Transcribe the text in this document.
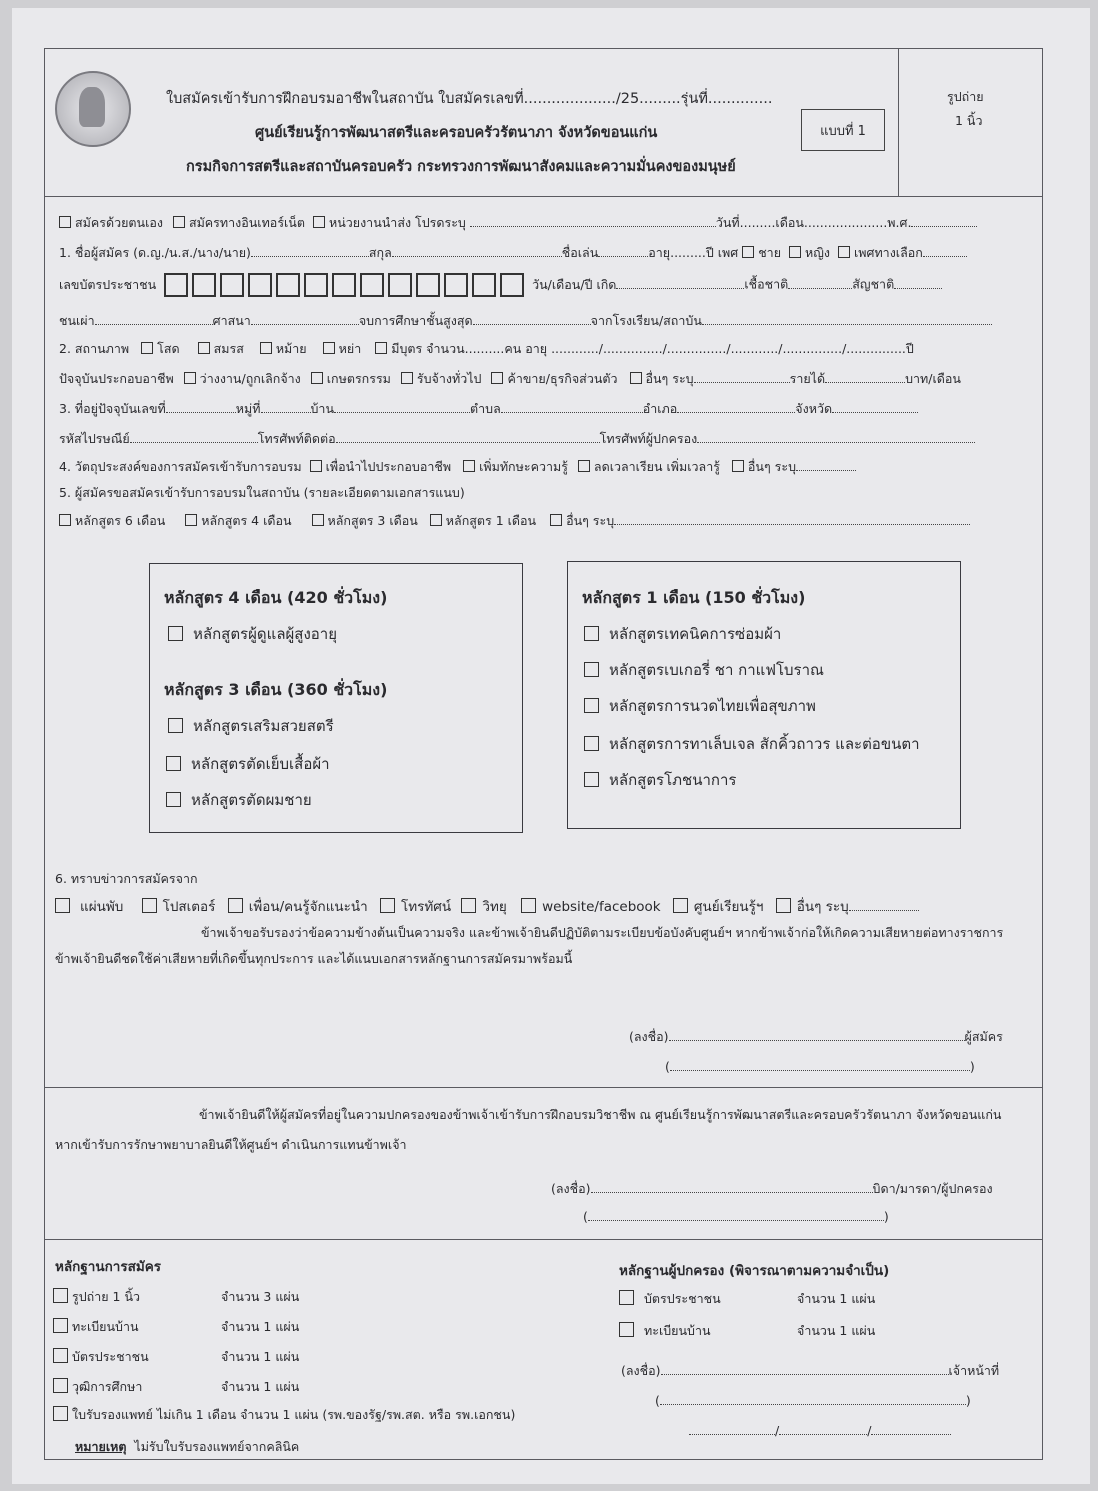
ใบสมัครเข้ารับการฝึกอบรมอาชีพในสถาบัน ใบสมัครเลขที่..................../25.........รุ่นที่..............
ศูนย์เรียนรู้การพัฒนาสตรีและครอบครัวรัตนาภา จังหวัดขอนแก่น
กรมกิจการสตรีและสถาบันครอบครัว กระทรวงการพัฒนาสังคมและความมั่นคงของมนุษย์
แบบที่ 1
รูปถ่าย
1 นิ้ว
สมัครด้วยตนเอง สมัครทางอินเทอร์เน็ต หน่วยงานนำส่ง โปรดระบุ	วันที่.........เดือน.....................พ.ศ.
1. ชื่อผู้สมัคร (ด.ญ./น.ส./นาง/นาย)	สกุล	ชื่อเล่น	อายุ.........ปี เพศ ชาย หญิง เพศทางเลือก
เลขบัตรประชาชน	วัน/เดือน/ปี เกิด	เชื้อชาติ	สัญชาติ
ชนเผ่า	ศาสนา	จบการศึกษาชั้นสูงสุด	จากโรงเรียน/สถาบัน
2. สถานภาพ โสด	สมรส	หม้าย	หย่า มีบุตร จำนวน..........คน อายุ ............/.............../.............../............/.............../...............ปี
ปัจจุบันประกอบอาชีพ ว่างงาน/ถูกเลิกจ้าง เกษตรกรรม รับจ้างทั่วไป ค้าขาย/ธุรกิจส่วนตัว อื่นๆ ระบุ	รายได้	บาท/เดือน
3. ที่อยู่ปัจจุบันเลขที่	หมู่ที่	บ้าน	ตำบล	อำเภอ	จังหวัด
รหัสไปรษณีย์	โทรศัพท์ติดต่อ	โทรศัพท์ผู้ปกครอง
4. วัตถุประสงค์ของการสมัครเข้ารับการอบรม เพื่อนำไปประกอบอาชีพ เพิ่มทักษะความรู้ ลดเวลาเรียน เพิ่มเวลารู้ อื่นๆ ระบุ
5. ผู้สมัครขอสมัครเข้ารับการอบรมในสถาบัน (รายละเอียดตามเอกสารแนบ)
หลักสูตร 6 เดือน	หลักสูตร 4 เดือน	หลักสูตร 3 เดือน หลักสูตร 1 เดือน อื่นๆ ระบุ
หลักสูตร 4 เดือน (420 ชั่วโมง)
หลักสูตรผู้ดูแลผู้สูงอายุ
หลักสูตร 3 เดือน (360 ชั่วโมง)
หลักสูตรเสริมสวยสตรี
หลักสูตรตัดเย็บเสื้อผ้า
หลักสูตรตัดผมชาย
หลักสูตร 1 เดือน (150 ชั่วโมง)
หลักสูตรเทคนิคการซ่อมผ้า
หลักสูตรเบเกอรี่ ชา กาแฟโบราณ
หลักสูตรการนวดไทยเพื่อสุขภาพ
หลักสูตรการทาเล็บเจล สักคิ้วถาวร และต่อขนตา
หลักสูตรโภชนาการ
6. ทราบข่าวการสมัครจาก
แผ่นพับ	โปสเตอร์ เพื่อน/คนรู้จักแนะนำ โทรทัศน์ วิทยุ	website/facebook ศูนย์เรียนรู้ฯ อื่นๆ ระบุ
ข้าพเจ้าขอรับรองว่าข้อความข้างต้นเป็นความจริง และข้าพเจ้ายินดีปฏิบัติตามระเบียบข้อบังคับศูนย์ฯ หากข้าพเจ้าก่อให้เกิดความเสียหายต่อทางราชการ
ข้าพเจ้ายินดีชดใช้ค่าเสียหายที่เกิดขึ้นทุกประการ และได้แนบเอกสารหลักฐานการสมัครมาพร้อมนี้
(ลงชื่อ)	ผู้สมัคร
(	)
ข้าพเจ้ายินดีให้ผู้สมัครที่อยู่ในความปกครองของข้าพเจ้าเข้ารับการฝึกอบรมวิชาชีพ ณ ศูนย์เรียนรู้การพัฒนาสตรีและครอบครัวรัตนาภา จังหวัดขอนแก่น
หากเข้ารับการรักษาพยาบาลยินดีให้ศูนย์ฯ ดำเนินการแทนข้าพเจ้า
(ลงชื่อ)	บิดา/มารดา/ผู้ปกครอง
(	)
หลักฐานการสมัคร
รูปถ่าย 1 นิ้ว	จำนวน 3 แผ่น
ทะเบียนบ้าน	จำนวน 1 แผ่น
บัตรประชาชน	จำนวน 1 แผ่น
วุฒิการศึกษา	จำนวน 1 แผ่น
ใบรับรองแพทย์ ไม่เกิน 1 เดือน จำนวน 1 แผ่น (รพ.ของรัฐ/รพ.สต. หรือ รพ.เอกชน)
หมายเหตุ ไม่รับใบรับรองแพทย์จากคลินิค
หลักฐานผู้ปกครอง (พิจารณาตามความจำเป็น)
บัตรประชาชน	จำนวน 1 แผ่น
ทะเบียนบ้าน	จำนวน 1 แผ่น
(ลงชื่อ)	เจ้าหน้าที่
(	)
/	/
